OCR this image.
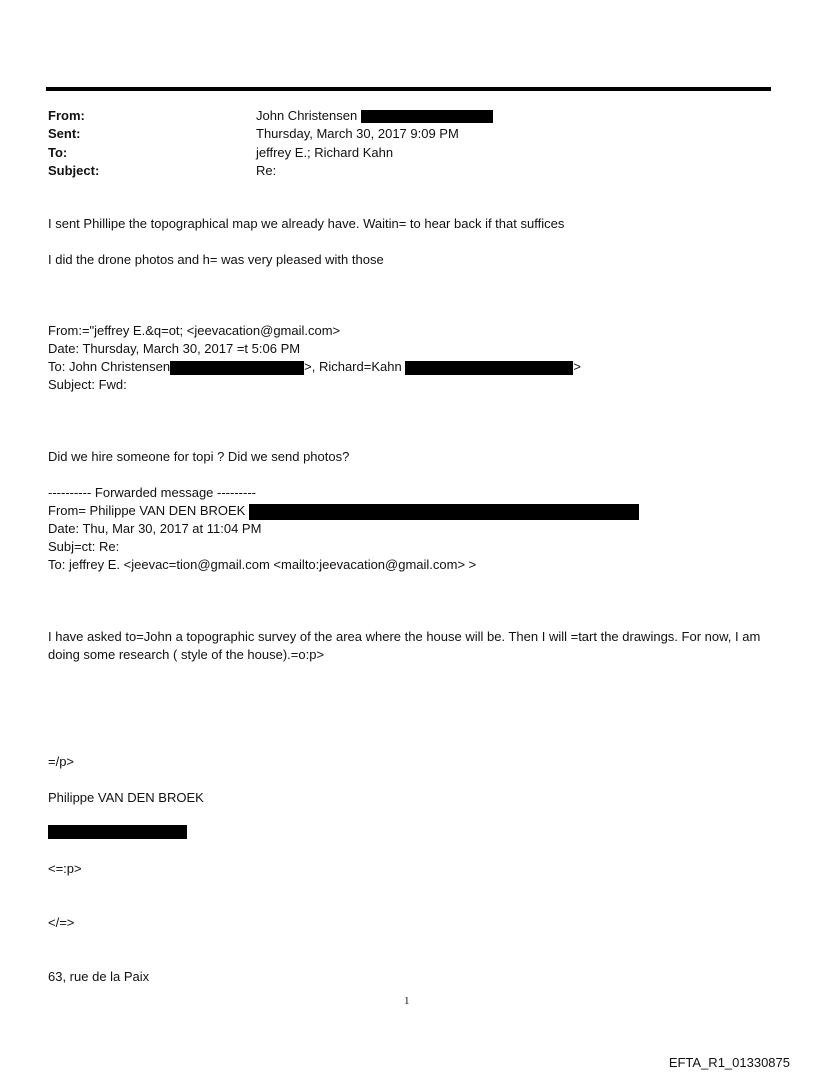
From:	John Christensen
Sent:	Thursday, March 30, 2017 9:09 PM
To:	jeffrey E.; Richard Kahn
Subject:	Re:
I sent Phillipe the topographical map we already have. Waitin= to hear back if that suffices
I did the drone photos and h= was very pleased with those
From:="jeffrey E.&q=ot; <jeevacation@gmail.com>
Date: Thursday, March 30, 2017 =t 5:06 PM
To: John Christensen	>, Richard=Kahn	>
Subject: Fwd:
Did we hire someone for topi ? Did we send photos?
---------- Forwarded message ---------
From= Philippe VAN DEN BROEK
Date: Thu, Mar 30, 2017 at 11:04 PM
Subj=ct: Re:
To: jeffrey E. <jeevac=tion@gmail.com <mailto:jeevacation@gmail.com> >
I have asked to=John a topographic survey of the area where the house will be. Then I will =tart the drawings. For now, I am doing some research ( style of the house).=o:p>
=/p>
Philippe VAN DEN BROEK
<=:p>
</=>
63, rue de la Paix
1
EFTA_R1_01330875
